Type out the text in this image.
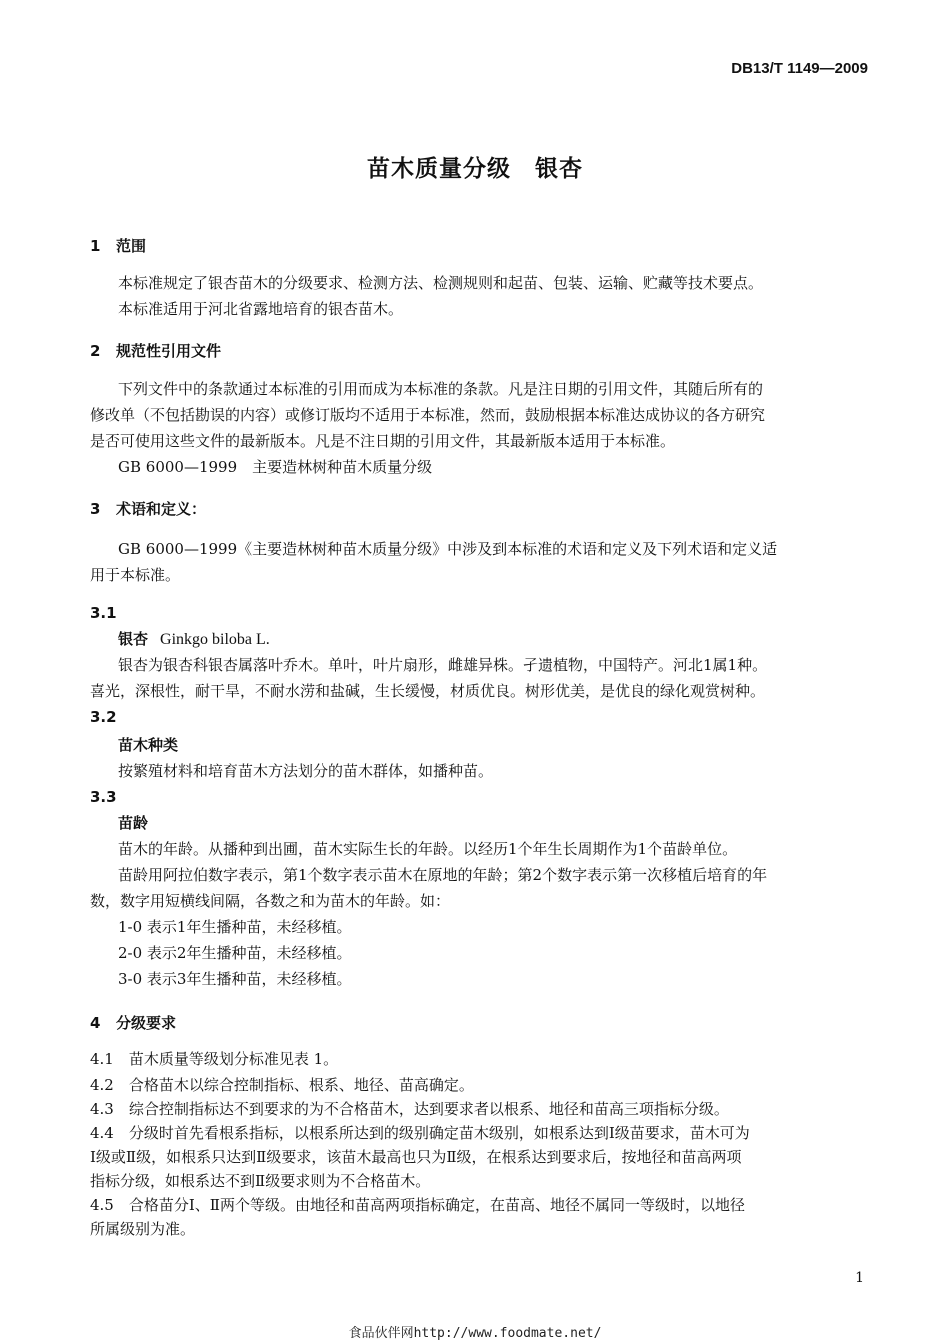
DB13/T 1149—2009
苗木质量分级　银杏
1 范围
本标准规定了银杏苗木的分级要求、检测方法、检测规则和起苗、包装、运输、贮藏等技术要点。
本标准适用于河北省露地培育的银杏苗木。
2 规范性引用文件
下列文件中的条款通过本标准的引用而成为本标准的条款。凡是注日期的引用文件，其随后所有的
修改单（不包括勘误的内容）或修订版均不适用于本标准，然而，鼓励根据本标准达成协议的各方研究
是否可使用这些文件的最新版本。凡是不注日期的引用文件，其最新版本适用于本标准。
GB 6000—1999　主要造林树种苗木质量分级
3 术语和定义：
GB 6000—1999《主要造林树种苗木质量分级》中涉及到本标准的术语和定义及下列术语和定义适
用于本标准。
3.1
银杏 Ginkgo biloba L.
银杏为银杏科银杏属落叶乔木。单叶，叶片扇形，雌雄异株。孑遗植物，中国特产。河北1属1种。
喜光，深根性，耐干旱，不耐水涝和盐碱，生长缓慢，材质优良。树形优美，是优良的绿化观赏树种。
3.2
苗木种类
按繁殖材料和培育苗木方法划分的苗木群体，如播种苗。
3.3
苗龄
苗木的年龄。从播种到出圃，苗木实际生长的年龄。以经历1个年生长周期作为1个苗龄单位。
苗龄用阿拉伯数字表示，第1个数字表示苗木在原地的年龄；第2个数字表示第一次移植后培育的年
数，数字用短横线间隔，各数之和为苗木的年龄。如：
1-0 表示1年生播种苗，未经移植。
2-0 表示2年生播种苗，未经移植。
3-0 表示3年生播种苗，未经移植。
4 分级要求
4.1　苗木质量等级划分标准见表 1。
4.2　合格苗木以综合控制指标、根系、地径、苗高确定。
4.3　综合控制指标达不到要求的为不合格苗木，达到要求者以根系、地径和苗高三项指标分级。
4.4　分级时首先看根系指标，以根系所达到的级别确定苗木级别，如根系达到Ⅰ级苗要求，苗木可为
Ⅰ级或Ⅱ级，如根系只达到Ⅱ级要求，该苗木最高也只为Ⅱ级，在根系达到要求后，按地径和苗高两项
指标分级，如根系达不到Ⅱ级要求则为不合格苗木。
4.5　合格苗分Ⅰ、Ⅱ两个等级。由地径和苗高两项指标确定，在苗高、地径不属同一等级时，以地径
所属级别为准。
1
食品伙伴网http://www.foodmate.net/
